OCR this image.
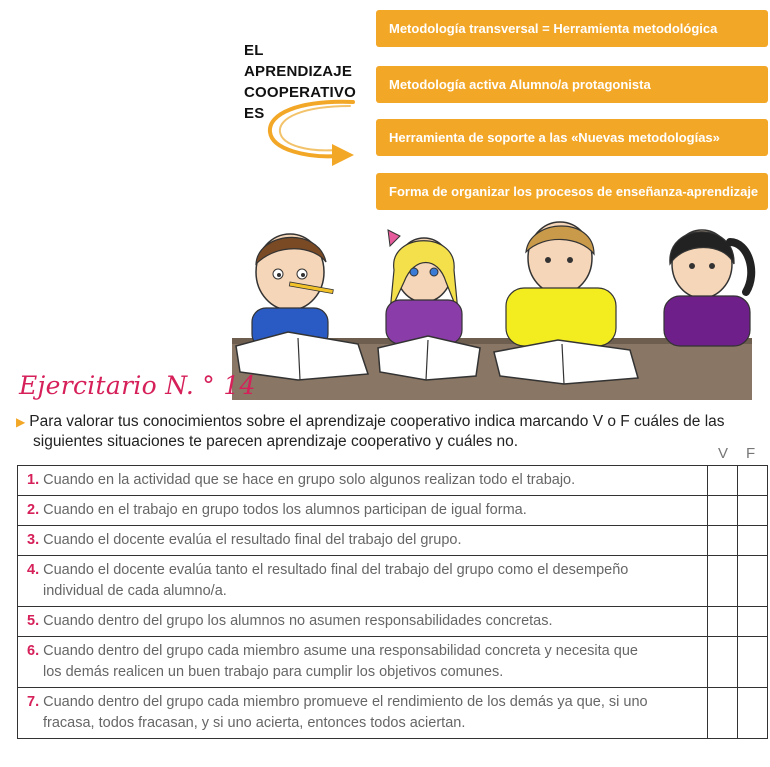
EL APRENDIZAJE
COOPERATIVO ES
Metodología transversal = Herramienta metodológica
Metodología activa Alumno/a protagonista
Herramienta de soporte a las «Nuevas metodologías»
Forma de organizar los procesos de enseñanza-aprendizaje
Ejercitario N. ° 14
▶ Para valorar tus conocimientos sobre el aprendizaje cooperativo indica marcando V o F cuáles de las
siguientes situaciones te parecen aprendizaje cooperativo y cuáles no.
V F
1. Cuando en la actividad que se hace en grupo solo algunos realizan todo el trabajo.		
2. Cuando en el trabajo en grupo todos los alumnos participan de igual forma.		
3. Cuando el docente evalúa el resultado final del trabajo del grupo.		
4. Cuando el docente evalúa tanto el resultado final del trabajo del grupo como el desempeño
individual de cada alumno/a.		

5. Cuando dentro del grupo los alumnos no asumen responsabilidades concretas.		
6. Cuando dentro del grupo cada miembro asume una responsabilidad concreta y necesita que
los demás realicen un buen trabajo para cumplir los objetivos comunes.		

7. Cuando dentro del grupo cada miembro promueve el rendimiento de los demás ya que, si uno
fracasa, todos fracasan, y si uno acierta, entonces todos aciertan.		
